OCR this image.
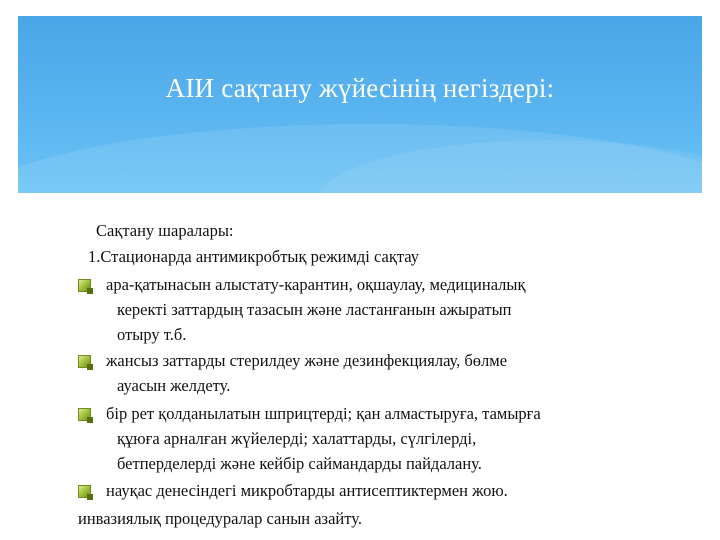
АІИ сақтану жүйесінің негіздері:
Сақтану шаралары:
1.Стационарда антимикробтық режимді сақтау
ара-қатынасын алыстату-карантин, оқшаулау, медициналық
керекті заттардың тазасын және ластанғанын ажыратып
отыру т.б.
жансыз заттарды стерилдеу және дезинфекциялау, бөлме
ауасын желдету.
бір рет қолданылатын шприцтерді; қан алмастыруға, тамырға
құюға арналған жүйелерді; халаттарды, сүлгілерді,
бетперделерді және кейбір саймандарды пайдалану.
науқас денесіндегі микробтарды антисептиктермен жою.
инвазиялық процедуралар санын азайту.
